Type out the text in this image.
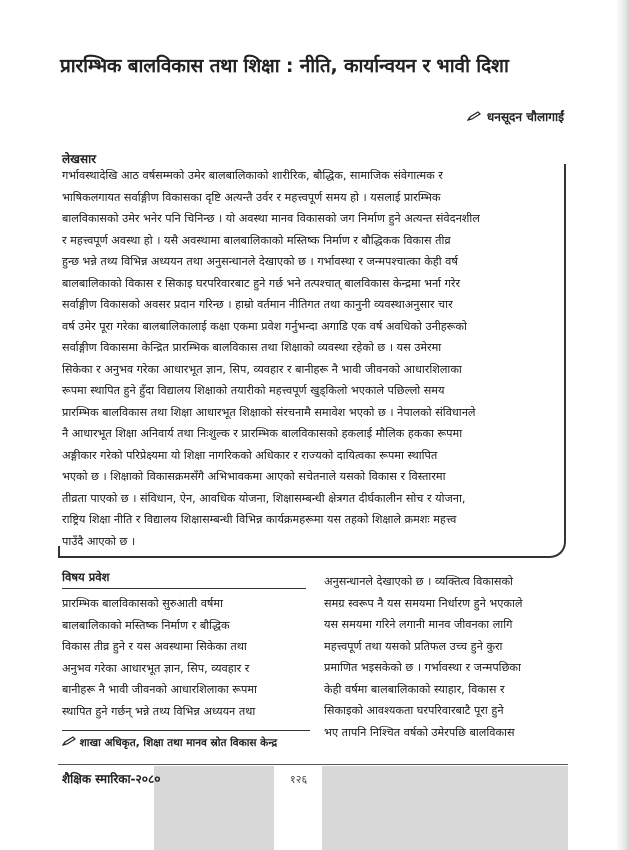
प्रारम्भिक बालविकास तथा शिक्षा : नीति, कार्यान्वयन र भावी दिशा
धनसूदन चौलागाईं
लेखसार
गर्भावस्थादेखि आठ वर्षसम्मको उमेर बालबालिकाको शारीरिक, बौद्धिक, सामाजिक संवेगात्मक र
भाषिकलगायत सर्वाङ्गीण विकासका दृष्टि अत्यन्तै उर्वर र महत्त्वपूर्ण समय हो । यसलाई प्रारम्भिक
बालविकासको उमेर भनेर पनि चिनिन्छ । यो अवस्था मानव विकासको जग निर्माण हुने अत्यन्त संवेदनशील
र महत्त्वपूर्ण अवस्था हो । यसै अवस्थामा बालबालिकाको मस्तिष्क निर्माण र बौद्धिकक विकास तीव्र
हुन्छ भन्ने तथ्य विभिन्न अध्ययन तथा अनुसन्धानले देखाएको छ । गर्भावस्था र जन्मपश्चात्का केही वर्ष
बालबालिकाको विकास र सिकाइ घरपरिवारबाट हुने गर्छ भने तत्पश्चात् बालविकास केन्द्रमा भर्ना गरेर
सर्वाङ्गीण विकासको अवसर प्रदान गरिन्छ । हाम्रो वर्तमान नीतिगत तथा कानुनी व्यवस्थाअनुसार चार
वर्ष उमेर पूरा गरेका बालबालिकालाई कक्षा एकमा प्रवेश गर्नुभन्दा अगाडि एक वर्ष अवधिको उनीहरूको
सर्वाङ्गीण विकासमा केन्द्रित प्रारम्भिक बालविकास तथा शिक्षाको व्यवस्था रहेको छ । यस उमेरमा
सिकेका र अनुभव गरेका आधारभूत ज्ञान, सिप, व्यवहार र बानीहरू नै भावी जीवनको आधारशिलाका
रूपमा स्थापित हुने हुँदा विद्यालय शिक्षाको तयारीको महत्त्वपूर्ण खुड्किलो भएकाले पछिल्लो समय
प्रारम्भिक बालविकास तथा शिक्षा आधारभूत शिक्षाको संरचनामै समावेश भएको छ । नेपालको संविधानले
नै आधारभूत शिक्षा अनिवार्य तथा निःशुल्क र प्रारम्भिक बालविकासको हकलाई मौलिक हकका रूपमा
अङ्गीकार गरेको परिप्रेक्ष्यमा यो शिक्षा नागरिकको अधिकार र राज्यको दायित्वका रूपमा स्थापित
भएको छ । शिक्षाको विकासक्रमसँगै अभिभावकमा आएको सचेतनाले यसको विकास र विस्तारमा
तीव्रता पाएको छ । संविधान, ऐन, आवधिक योजना, शिक्षासम्बन्धी क्षेत्रगत दीर्घकालीन सोच र योजना,
राष्ट्रिय शिक्षा नीति र विद्यालय शिक्षासम्बन्धी विभिन्न कार्यक्रमहरूमा यस तहको शिक्षाले क्रमशः महत्त्व
पाउँदै आएको छ ।
विषय प्रवेश
प्रारम्भिक बालविकासको सुरुआती वर्षमा
बालबालिकाको मस्तिष्क निर्माण र बौद्धिक
विकास तीव्र हुने र यस अवस्थामा सिकेका तथा
अनुभव गरेका आधारभूत ज्ञान, सिप, व्यवहार र
बानीहरू नै भावी जीवनको आधारशिलाका रूपमा
स्थापित हुने गर्छन् भन्ने तथ्य विभिन्न अध्ययन तथा
अनुसन्धानले देखाएको छ । व्यक्तित्व विकासको
समग्र स्वरूप नै यस समयमा निर्धारण हुने भएकाले
यस समयमा गरिने लगानी मानव जीवनका लागि
महत्त्वपूर्ण तथा यसको प्रतिफल उच्च हुने कुरा
प्रमाणित भइसकेको छ । गर्भावस्था र जन्मपछिका
केही वर्षमा बालबालिकाको स्याहार, विकास र
सिकाइको आवश्यकता घरपरिवारबाटै पूरा हुने
भए तापनि निश्चित वर्षको उमेरपछि बालविकास
शाखा अधिकृत, शिक्षा तथा मानव स्रोत विकास केन्द्र
शैक्षिक स्मारिका-२०८०	१२६
